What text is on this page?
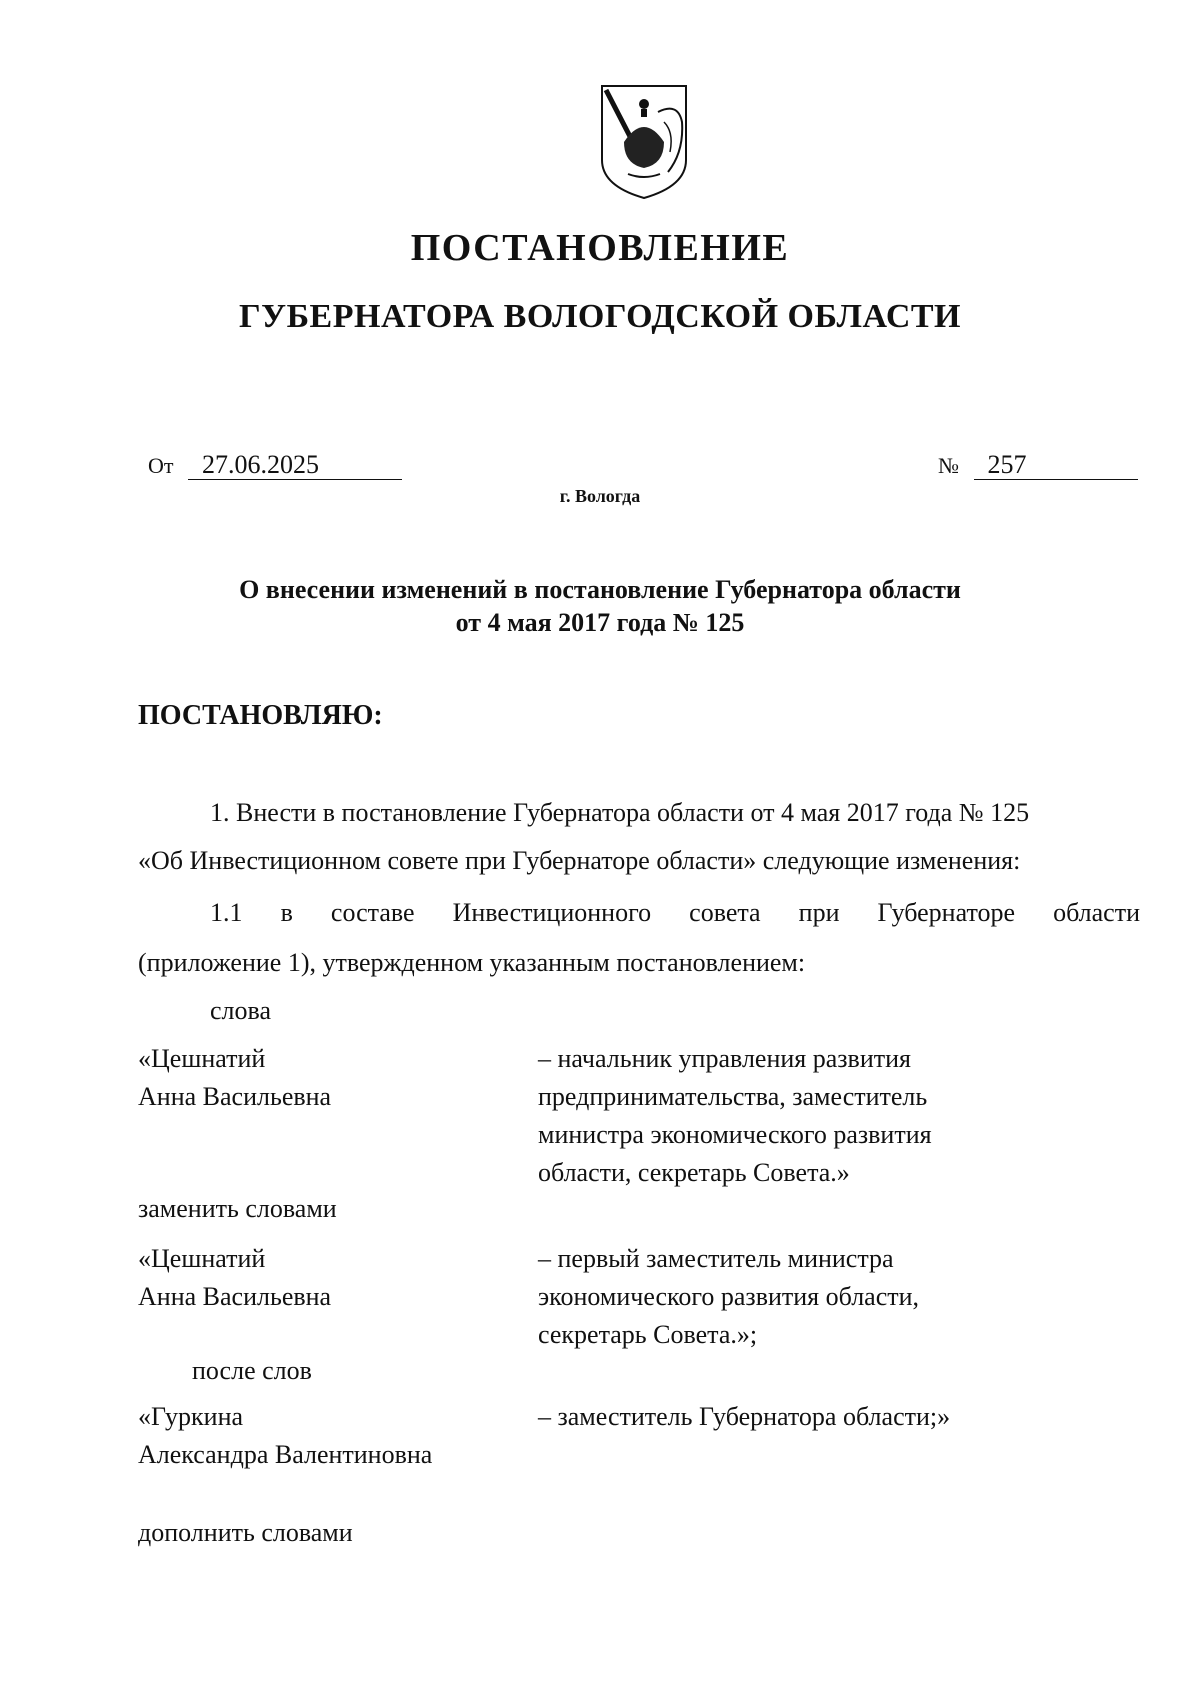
ПОСТАНОВЛЕНИЕ
ГУБЕРНАТОРА ВОЛОГОДСКОЙ ОБЛАСТИ
От 27.06.2025	№ 257
г. Вологда
О внесении изменений в постановление Губернатора области
от 4 мая 2017 года № 125
ПОСТАНОВЛЯЮ:
1. Внести в постановление Губернатора области от 4 мая 2017 года № 125
«Об Инвестиционном совете при Губернаторе области» следующие изменения:
1.1 в составе Инвестиционного совета при Губернаторе области
(приложение 1), утвержденном указанным постановлением:
слова
«Цешнатий
Анна Васильевна
– начальник управления развития
предпринимательства, заместитель
министра экономического развития
области, секретарь Совета.»
заменить словами
«Цешнатий
Анна Васильевна
– первый заместитель министра
экономического развития области,
секретарь Совета.»;
после слов
«Гуркина
Александра Валентиновна
– заместитель Губернатора области;»
дополнить словами
